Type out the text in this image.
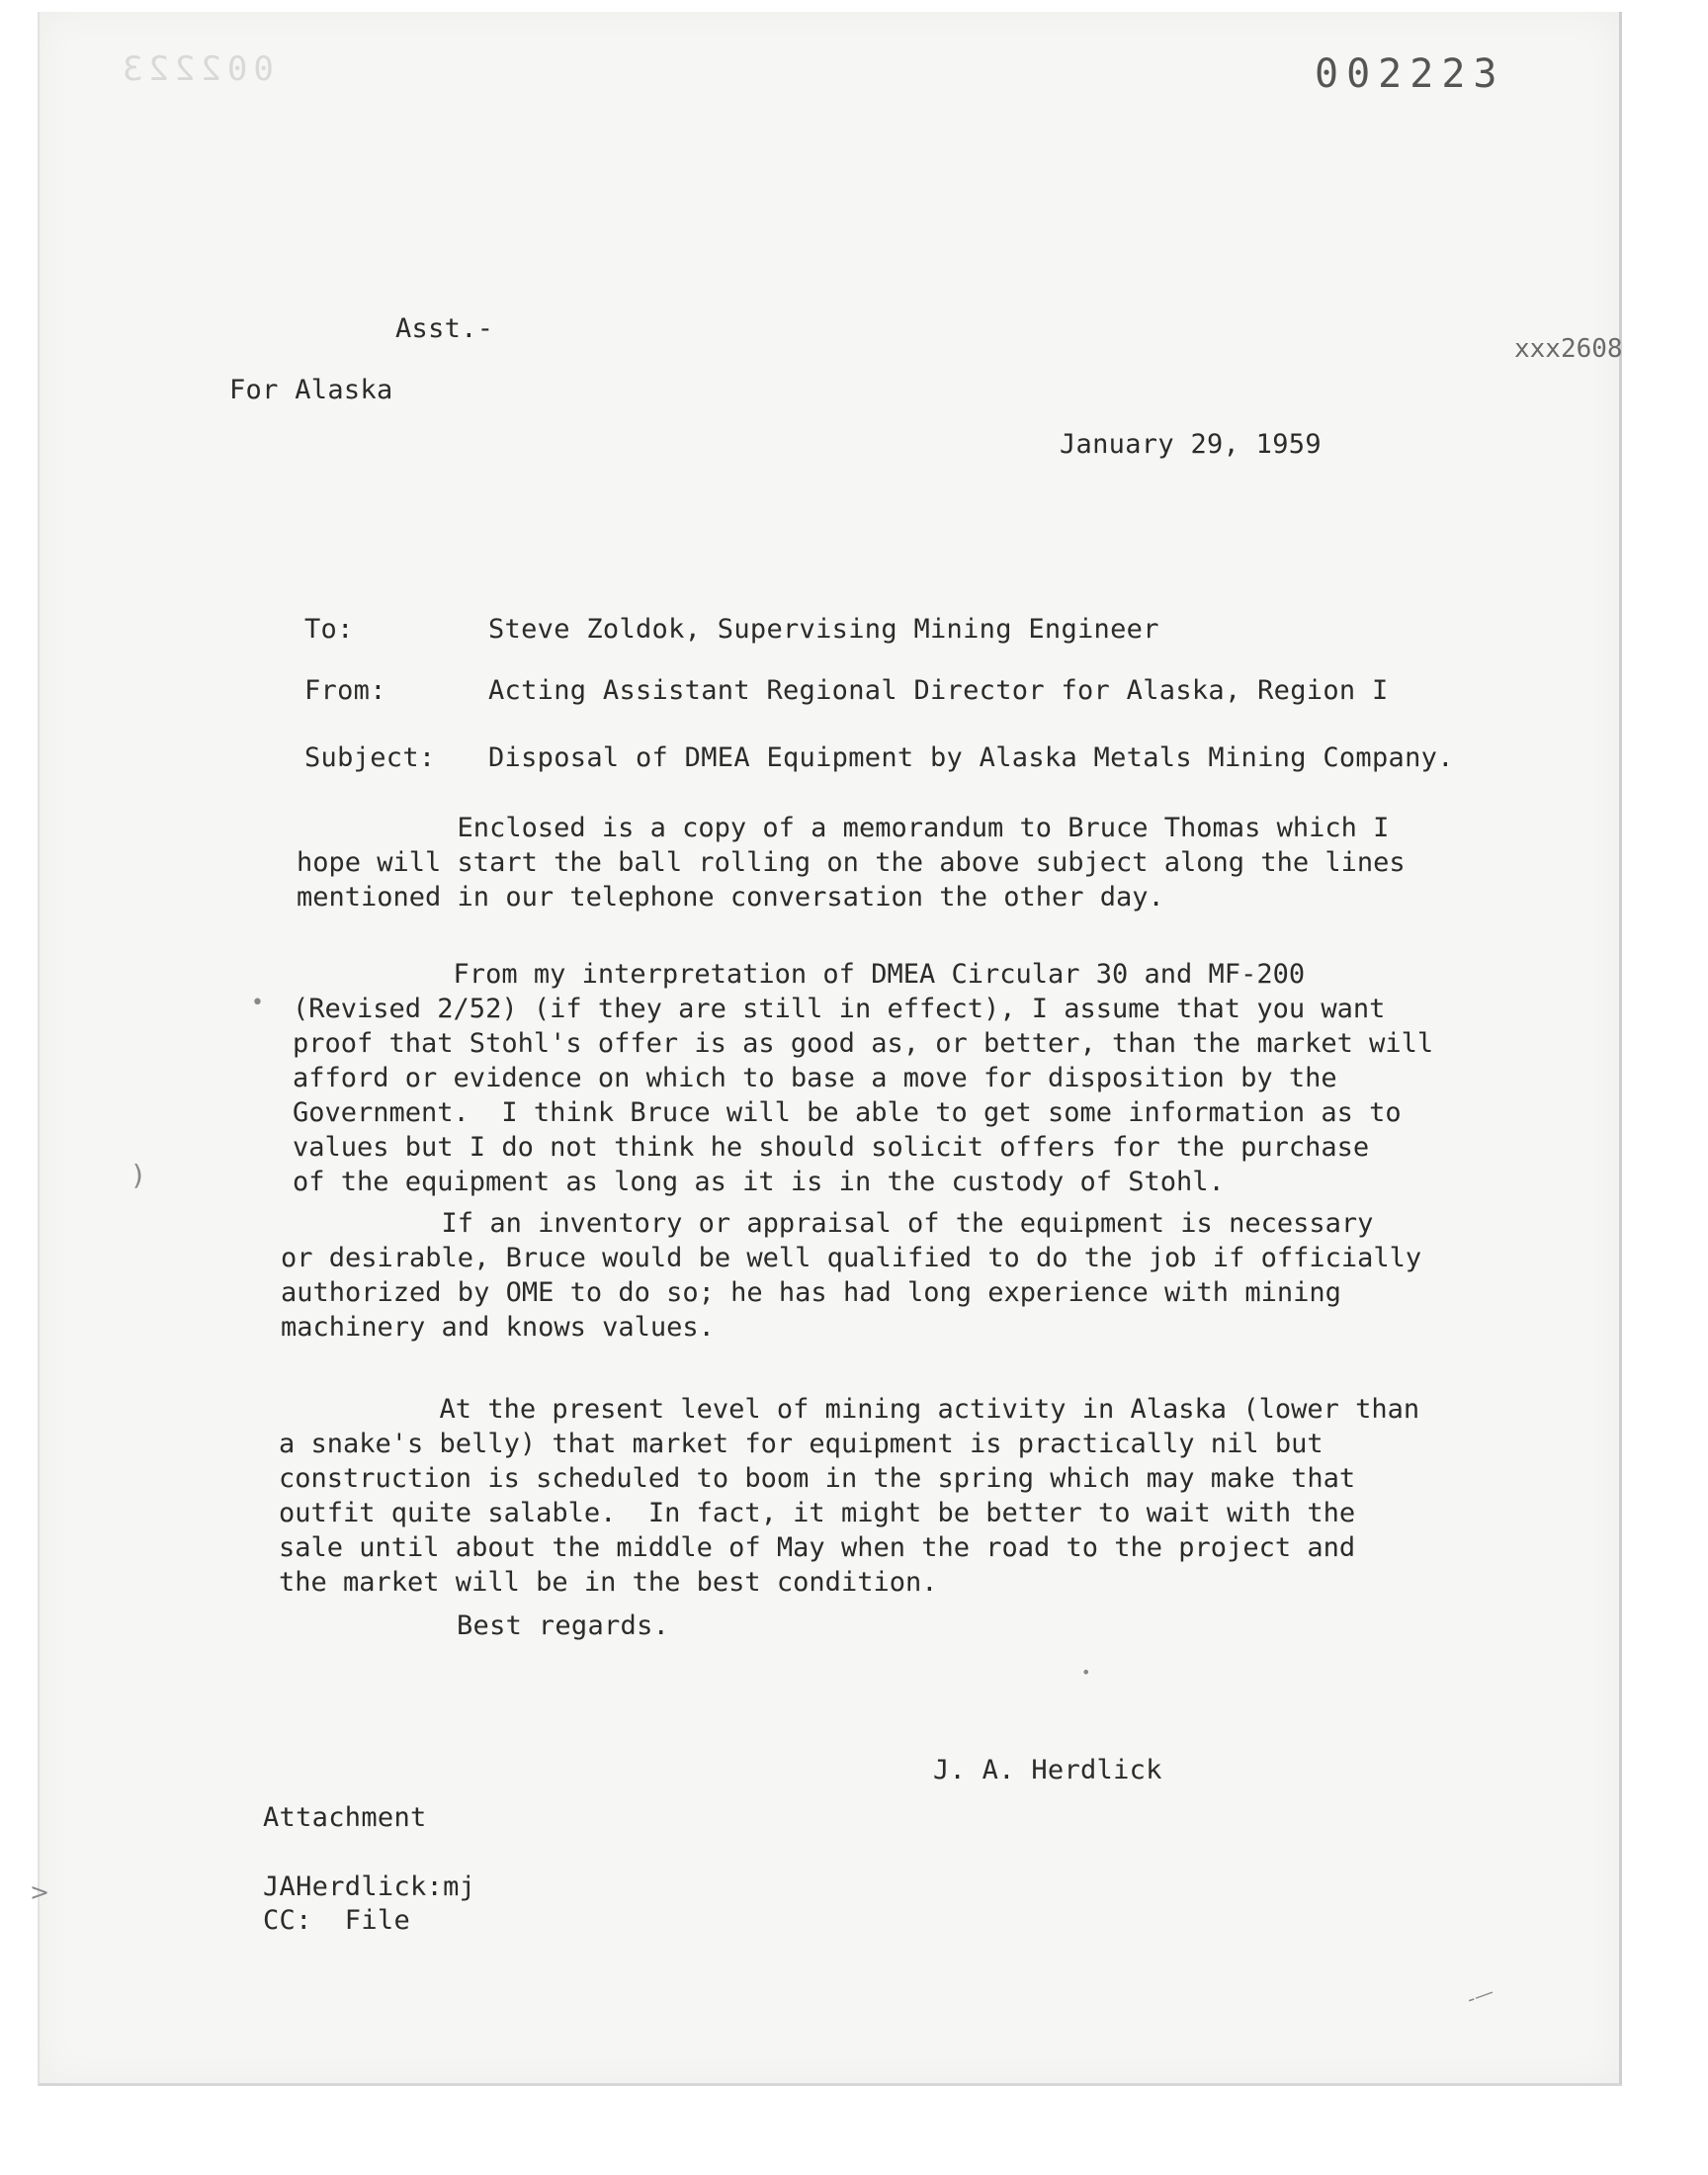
002223	002223
xxx2608
Asst.-
For Alaska
January 29, 1959
To:	Steve Zoldok, Supervising Mining Engineer
From:	Acting Assistant Regional Director for Alaska, Region I
Subject: Disposal of DMEA Equipment by Alaska Metals Mining Company.
Enclosed is a copy of a memorandum to Bruce Thomas which I
hope will start the ball rolling on the above subject along the lines
mentioned in our telephone conversation the other day.
From my interpretation of DMEA Circular 30 and MF-200
(Revised 2/52) (if they are still in effect), I assume that you want
proof that Stohl's offer is as good as, or better, than the market will
afford or evidence on which to base a move for disposition by the
Government.  I think Bruce will be able to get some information as to
values but I do not think he should solicit offers for the purchase
of the equipment as long as it is in the custody of Stohl.
If an inventory or appraisal of the equipment is necessary
or desirable, Bruce would be well qualified to do the job if officially
authorized by OME to do so; he has had long experience with mining
machinery and knows values.
At the present level of mining activity in Alaska (lower than
a snake's belly) that market for equipment is practically nil but
construction is scheduled to boom in the spring which may make that
outfit quite salable.  In fact, it might be better to wait with the
sale until about the middle of May when the road to the project and
the market will be in the best condition.
Best regards.
J. A. Herdlick
Attachment
JAHerdlick:mj
CC:  File
•
)
>
•
-—
